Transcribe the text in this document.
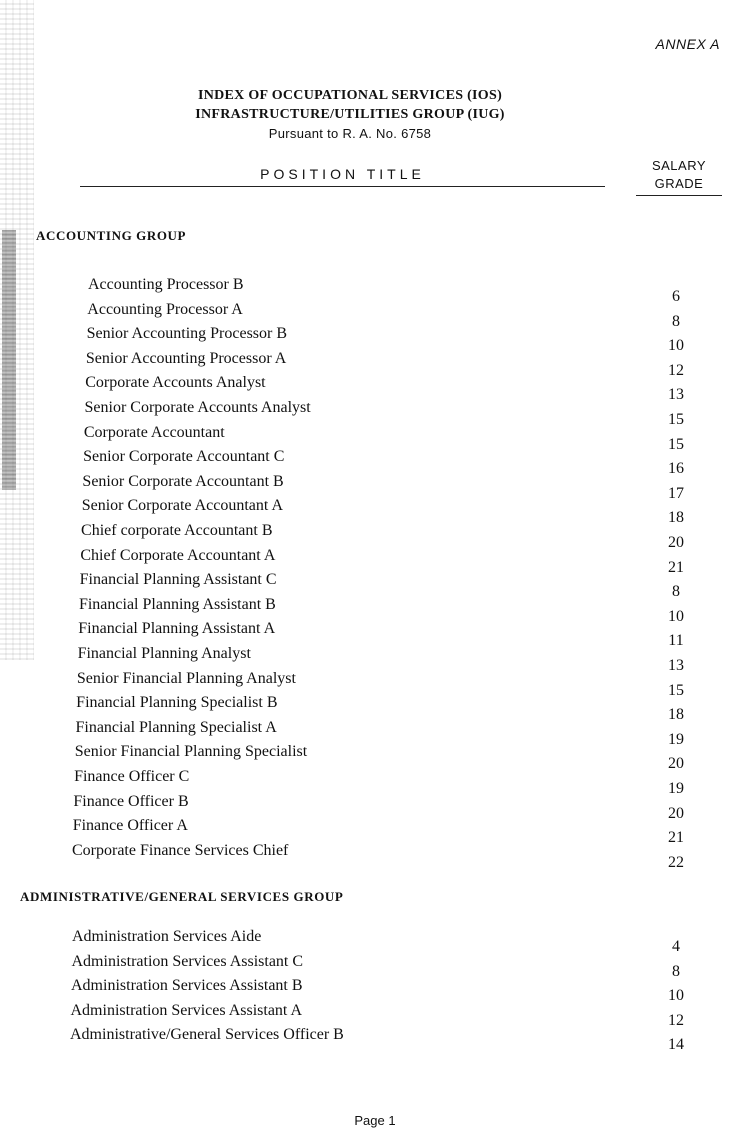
ANNEX A
INDEX OF OCCUPATIONAL SERVICES (IOS)
INFRASTRUCTURE/UTILITIES GROUP (IUG)
Pursuant to R. A. No. 6758
POSITION TITLE
SALARY
GRADE
ACCOUNTING GROUP
Accounting Processor B
6
Accounting Processor A
8
Senior Accounting Processor B
10
Senior Accounting Processor A
12
Corporate Accounts Analyst
13
Senior Corporate Accounts Analyst
15
Corporate Accountant
15
Senior Corporate Accountant C
16
Senior Corporate Accountant B
17
Senior Corporate Accountant A
18
Chief corporate Accountant B
20
Chief Corporate Accountant A
21
Financial Planning Assistant C
8
Financial Planning Assistant B
10
Financial Planning Assistant A
11
Financial Planning Analyst
13
Senior Financial Planning Analyst
15
Financial Planning Specialist B
18
Financial Planning Specialist A
19
Senior Financial Planning Specialist
20
Finance Officer C
19
Finance Officer B
20
Finance Officer A
21
Corporate Finance Services Chief
22
ADMINISTRATIVE/GENERAL SERVICES GROUP
Administration Services Aide
4
Administration Services Assistant C
8
Administration Services Assistant B
10
Administration Services Assistant A
12
Administrative/General Services Officer B
14
Page 1
